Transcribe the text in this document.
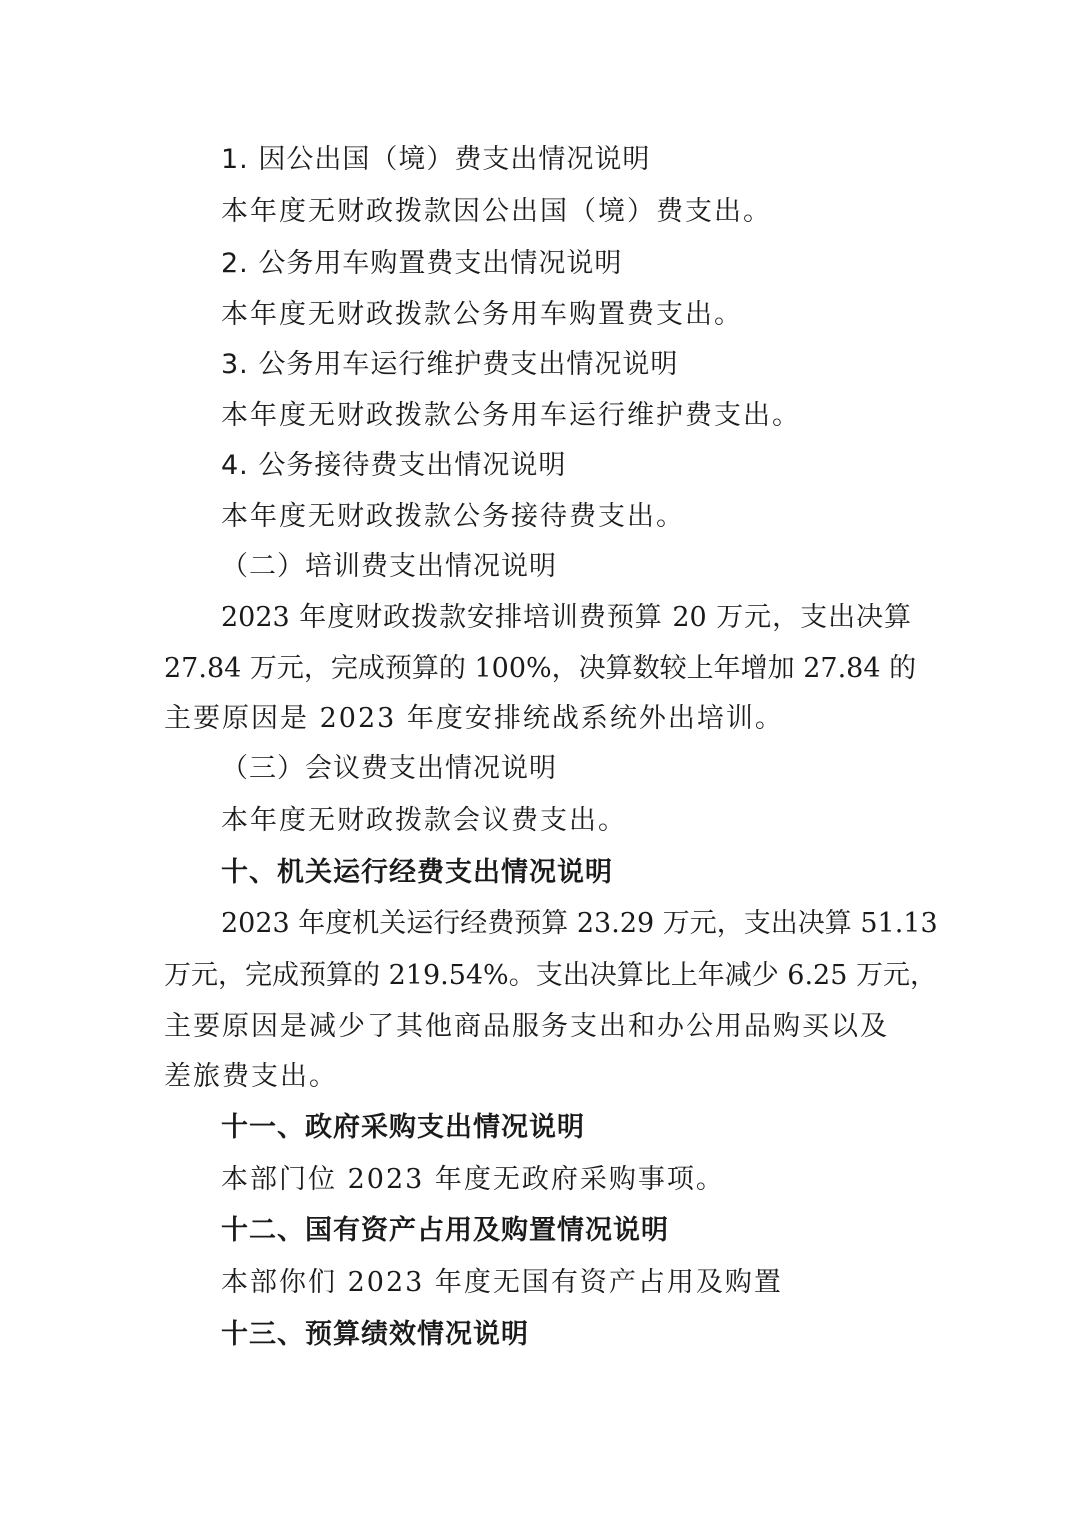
1. 因公出国（境）费支出情况说明
本年度无财政拨款因公出国（境）费支出。
2. 公务用车购置费支出情况说明
本年度无财政拨款公务用车购置费支出。
3. 公务用车运行维护费支出情况说明
本年度无财政拨款公务用车运行维护费支出。
4. 公务接待费支出情况说明
本年度无财政拨款公务接待费支出。
（二）培训费支出情况说明
2023 年度财政拨款安排培训费预算 20 万元，支出决算
27.84 万元，完成预算的 100%，决算数较上年增加 27.84 的
主要原因是 2023 年度安排统战系统外出培训。
（三）会议费支出情况说明
本年度无财政拨款会议费支出。
十、机关运行经费支出情况说明
2023 年度机关运行经费预算 23.29 万元，支出决算 51.13
万元，完成预算的 219.54%。支出决算比上年减少 6.25 万元，
主要原因是减少了其他商品服务支出和办公用品购买以及
差旅费支出。
十一、政府采购支出情况说明
本部门位 2023 年度无政府采购事项。
十二、国有资产占用及购置情况说明
本部你们 2023 年度无国有资产占用及购置
十三、预算绩效情况说明
